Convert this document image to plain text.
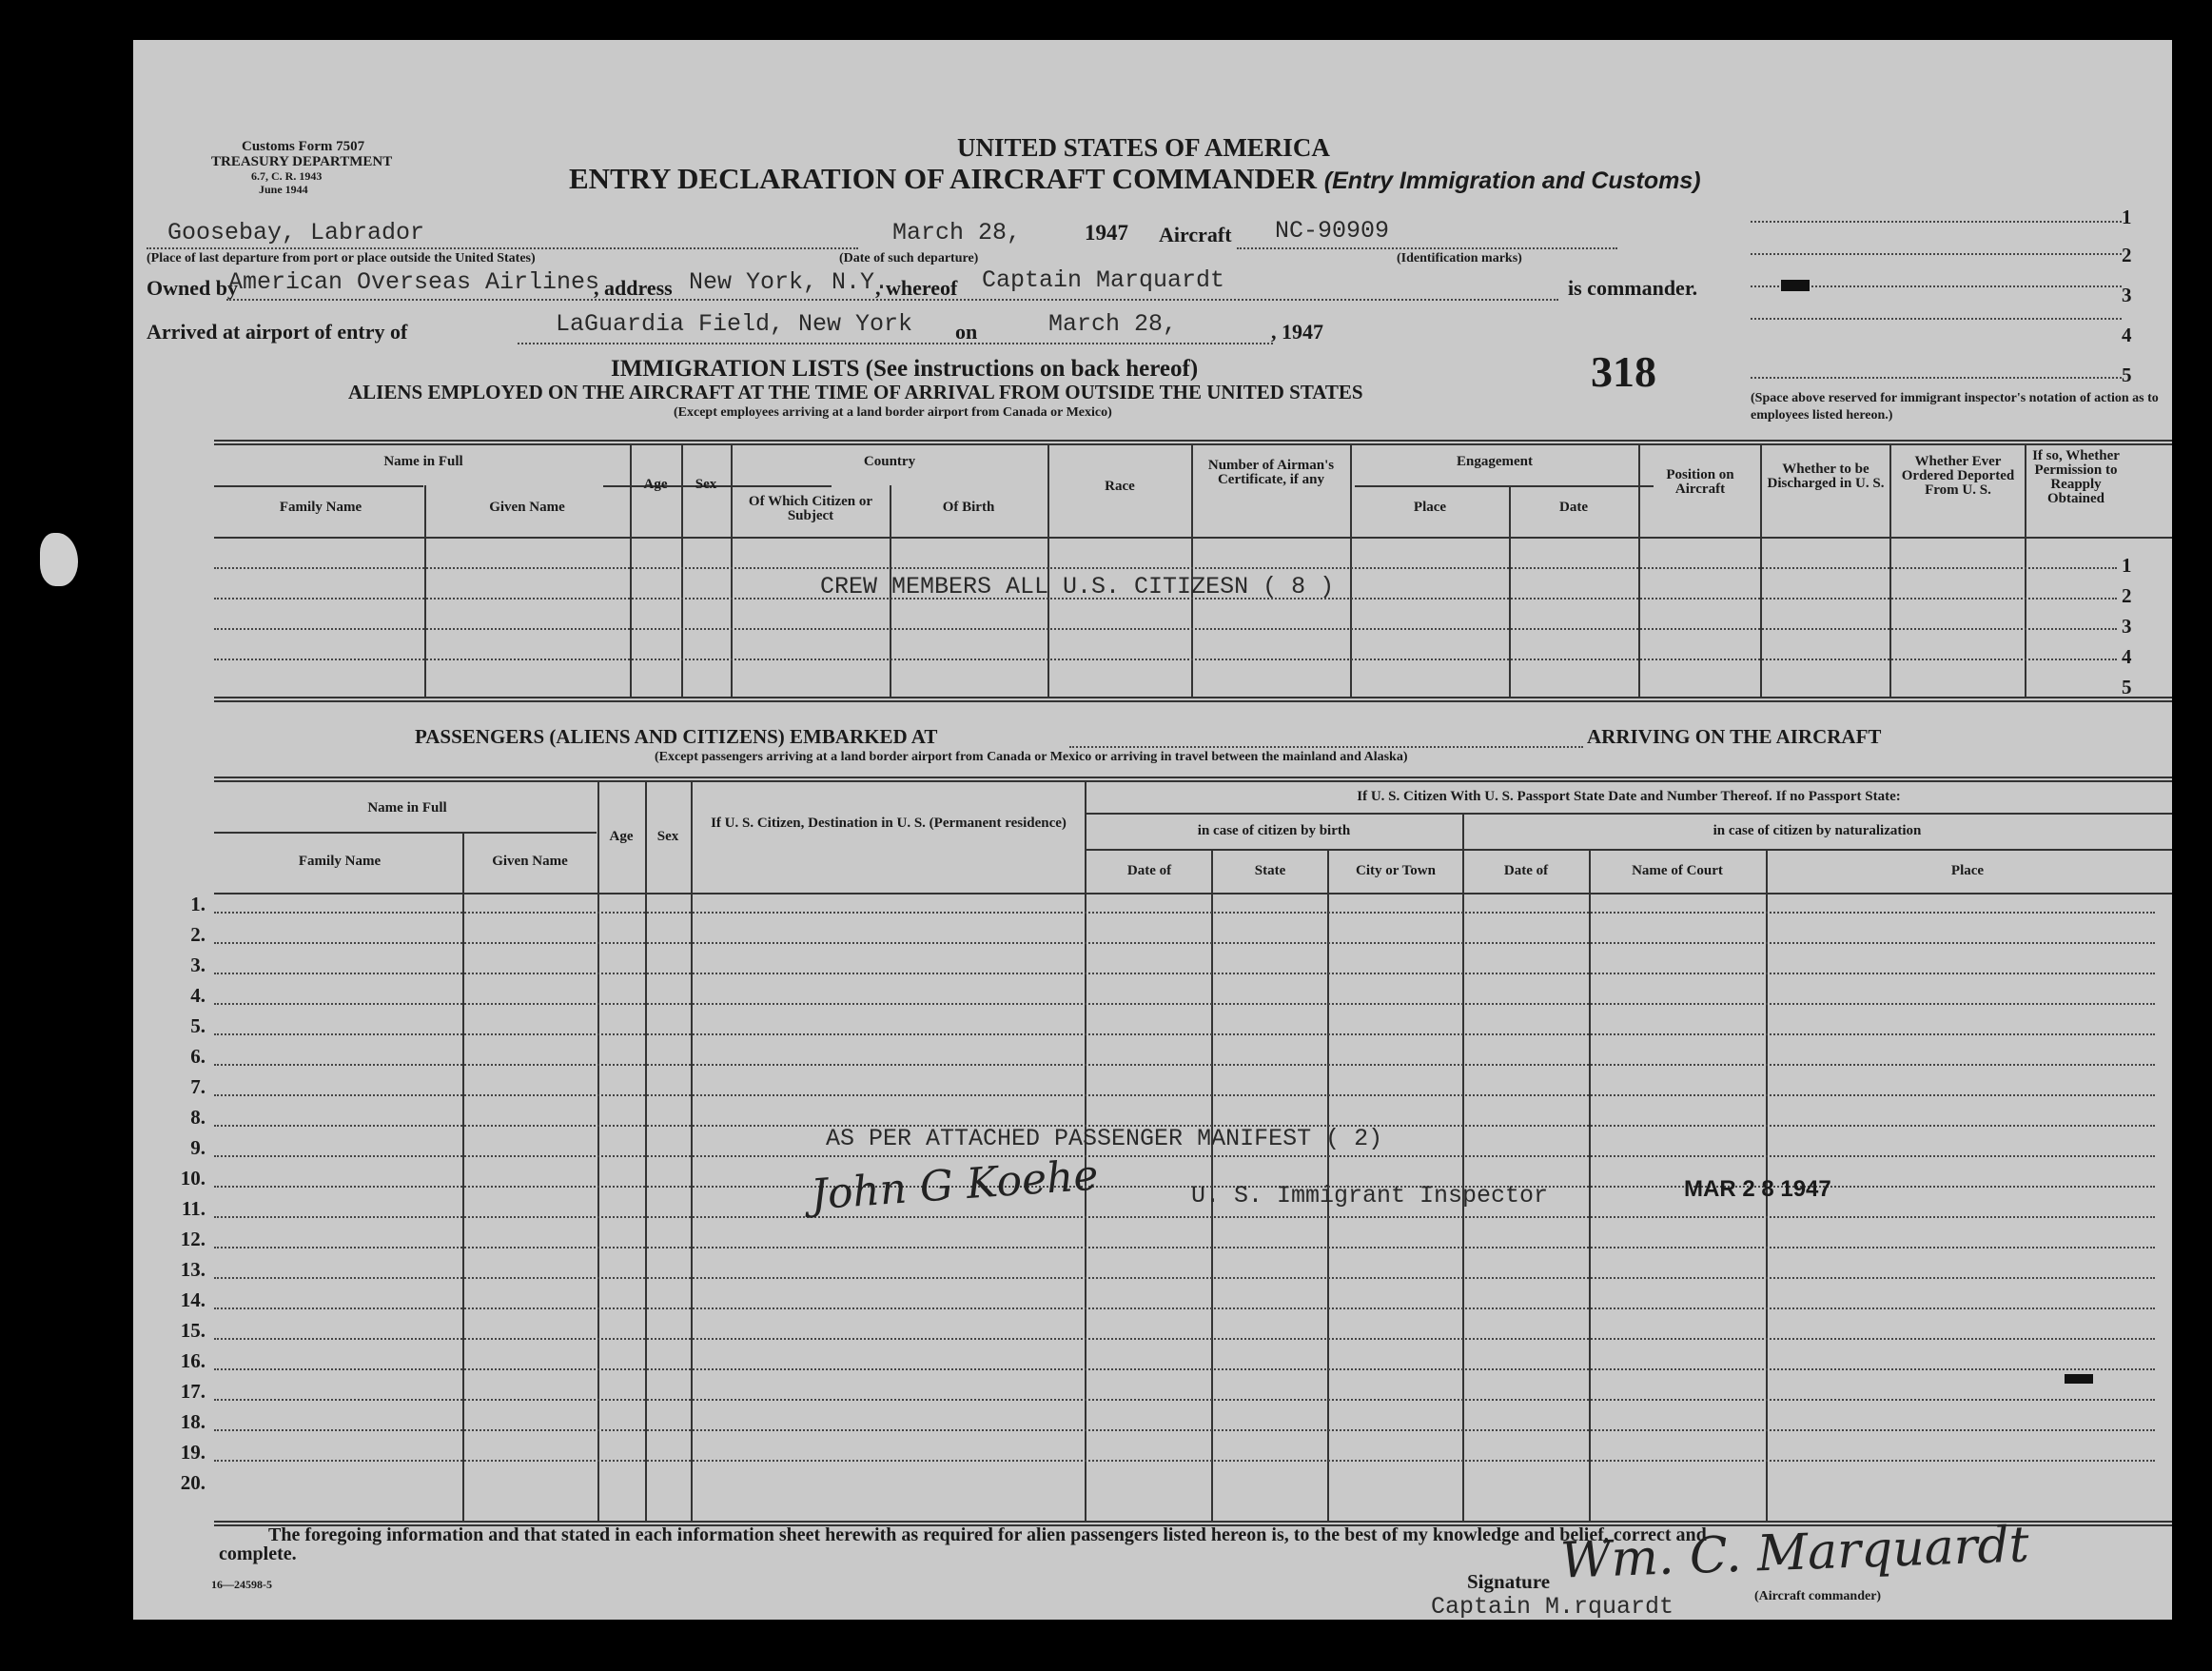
Customs Form 7507
TREASURY DEPARTMENT
6.7, C. R. 1943
June 1944
UNITED STATES OF AMERICA
ENTRY DECLARATION OF AIRCRAFT COMMANDER (Entry Immigration and Customs)
Goosebay, Labrador
(Place of last departure from port or place outside the United States)
March 28,
(Date of such departure)
1947 Aircraft NC-90909
(Identification marks)
Owned by
American Overseas Airlines
, address New York, N.Y.
, whereof Captain Marquardt	is commander.
Arrived at airport of entry of	LaGuardia Field, New York on	March 28,	, 1947
1
2
3
4
5
(Space above reserved for immigrant inspector's notation of action as to employees listed hereon.)
IMMIGRATION LISTS (See instructions on back hereof)
ALIENS EMPLOYED ON THE AIRCRAFT AT THE TIME OF ARRIVAL FROM OUTSIDE THE UNITED STATES
(Except employees arriving at a land border airport from Canada or Mexico)
318
Name in Full
Family Name	Given Name
Age	Sex
Country
Of Which Citizen or Subject
Of Birth
Race
Number of Airman's Certificate, if any
Engagement
Place	Date
Position on Aircraft
Whether to be Discharged in U. S.
Whether Ever Ordered Deported From U. S.
If so, Whether Permission to Reapply Obtained
1
2
3
4
5
CREW MEMBERS ALL U.S. CITIZESN ( 8 )
PASSENGERS (ALIENS AND CITIZENS) EMBARKED AT	ARRIVING ON THE AIRCRAFT
(Except passengers arriving at a land border airport from Canada or Mexico or arriving in travel between the mainland and Alaska)
Name in Full
Family Name	Given Name
Age	Sex
If U. S. Citizen, Destination in U. S. (Permanent residence)
If U. S. Citizen With U. S. Passport State Date and Number Thereof. If no Passport State:
in case of citizen by birth	in case of citizen by naturalization
Date of	State	City or Town	Date of	Name of Court	Place
1.
2.
3.
4.
5.
6.
7.
8.
9.
10.
11.
12.
13.
14.
15.
16.
17.
18.
19.
20.
AS PER ATTACHED PASSENGER MANIFEST ( 2)
John G Koehe	U. S. Immigrant Inspector	MAR 2 8 1947
The foregoing information and that stated in each information sheet herewith as required for alien passengers listed hereon is, to the best of my knowledge and belief, correct and
complete.
16—24598-5	Signature Wm. C. Marquardt
(Aircraft commander)
Captain M.rquardt
